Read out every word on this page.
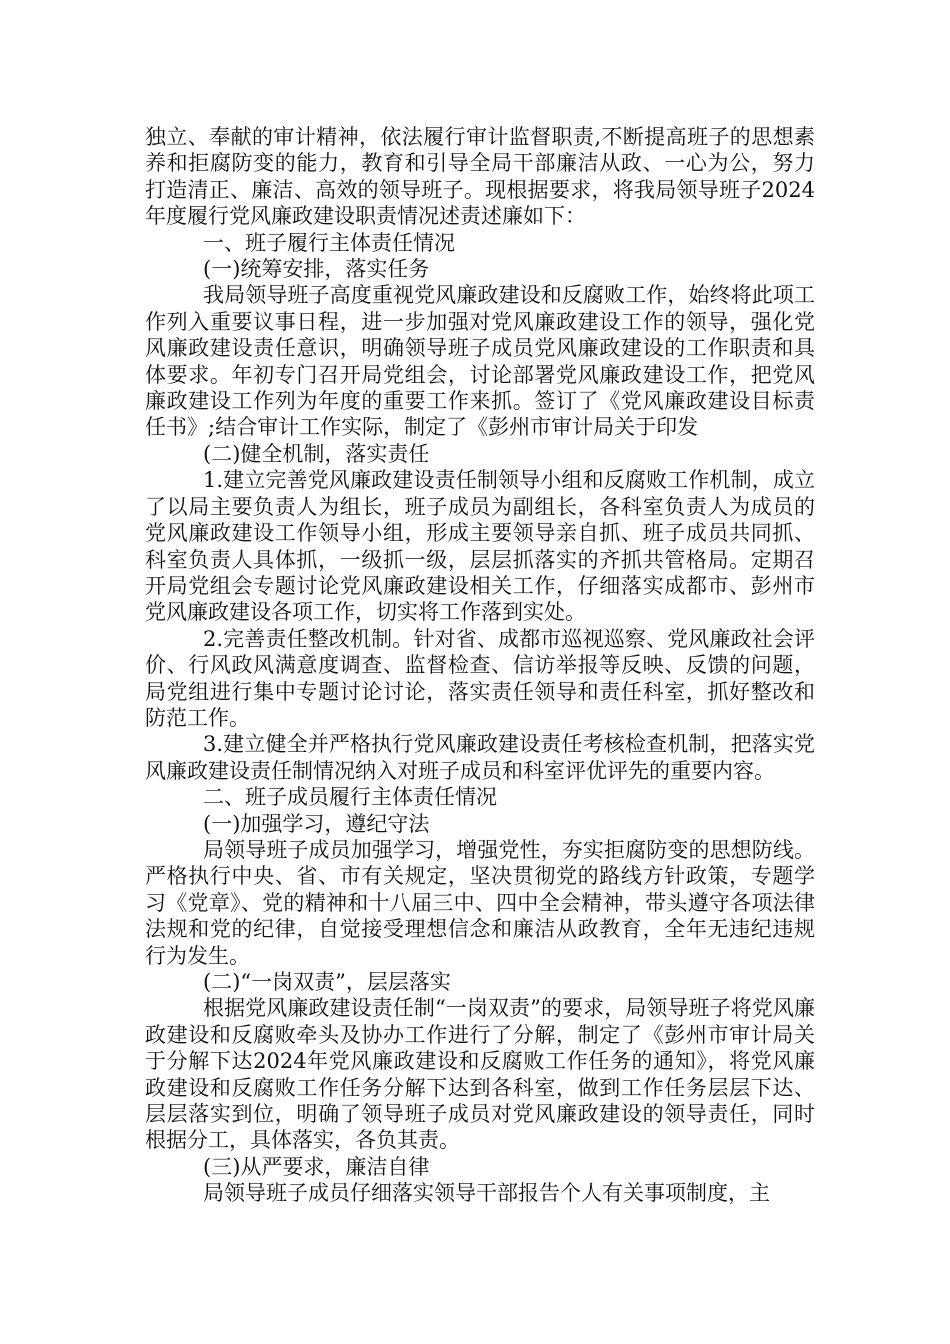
独立、奉献的审计精神，依法履行审计监督职责,不断提高班子的思想素养和拒腐防变的能力，教育和引导全局干部廉洁从政、一心为公，努力打造清正、廉洁、高效的领导班子。现根据要求，将我局领导班子2024年度履行党风廉政建设职责情况述责述廉如下：

一、班子履行主体责任情况

(一)统筹安排，落实任务

我局领导班子高度重视党风廉政建设和反腐败工作，始终将此项工作列入重要议事日程，进一步加强对党风廉政建设工作的领导，强化党风廉政建设责任意识，明确领导班子成员党风廉政建设的工作职责和具体要求。年初专门召开局党组会，讨论部署党风廉政建设工作，把党风廉政建设工作列为年度的重要工作来抓。签订了《党风廉政建设目标责任书》;结合审计工作实际，制定了《彭州市审计局关于印发

(二)健全机制，落实责任

1.建立完善党风廉政建设责任制领导小组和反腐败工作机制，成立了以局主要负责人为组长，班子成员为副组长，各科室负责人为成员的党风廉政建设工作领导小组，形成主要领导亲自抓、班子成员共同抓、科室负责人具体抓，一级抓一级，层层抓落实的齐抓共管格局。定期召开局党组会专题讨论党风廉政建设相关工作，仔细落实成都市、彭州市党风廉政建设各项工作，切实将工作落到实处。

2.完善责任整改机制。针对省、成都市巡视巡察、党风廉政社会评价、行风政风满意度调查、监督检查、信访举报等反映、反馈的问题，局党组进行集中专题讨论讨论，落实责任领导和责任科室，抓好整改和防范工作。

3.建立健全并严格执行党风廉政建设责任考核检查机制，把落实党风廉政建设责任制情况纳入对班子成员和科室评优评先的重要内容。

二、班子成员履行主体责任情况

(一)加强学习，遵纪守法

局领导班子成员加强学习，增强党性，夯实拒腐防变的思想防线。严格执行中央、省、市有关规定，坚决贯彻党的路线方针政策，专题学习《党章》、党的精神和十八届三中、四中全会精神，带头遵守各项法律法规和党的纪律，自觉接受理想信念和廉洁从政教育，全年无违纪违规行为发生。

(二)“一岗双责”，层层落实

根据党风廉政建设责任制“一岗双责”的要求，局领导班子将党风廉政建设和反腐败牵头及协办工作进行了分解，制定了《彭州市审计局关于分解下达2024年党风廉政建设和反腐败工作任务的通知》，将党风廉政建设和反腐败工作任务分解下达到各科室，做到工作任务层层下达、层层落实到位，明确了领导班子成员对党风廉政建设的领导责任，同时根据分工，具体落实，各负其责。

(三)从严要求，廉洁自律

局领导班子成员仔细落实领导干部报告个人有关事项制度，主
